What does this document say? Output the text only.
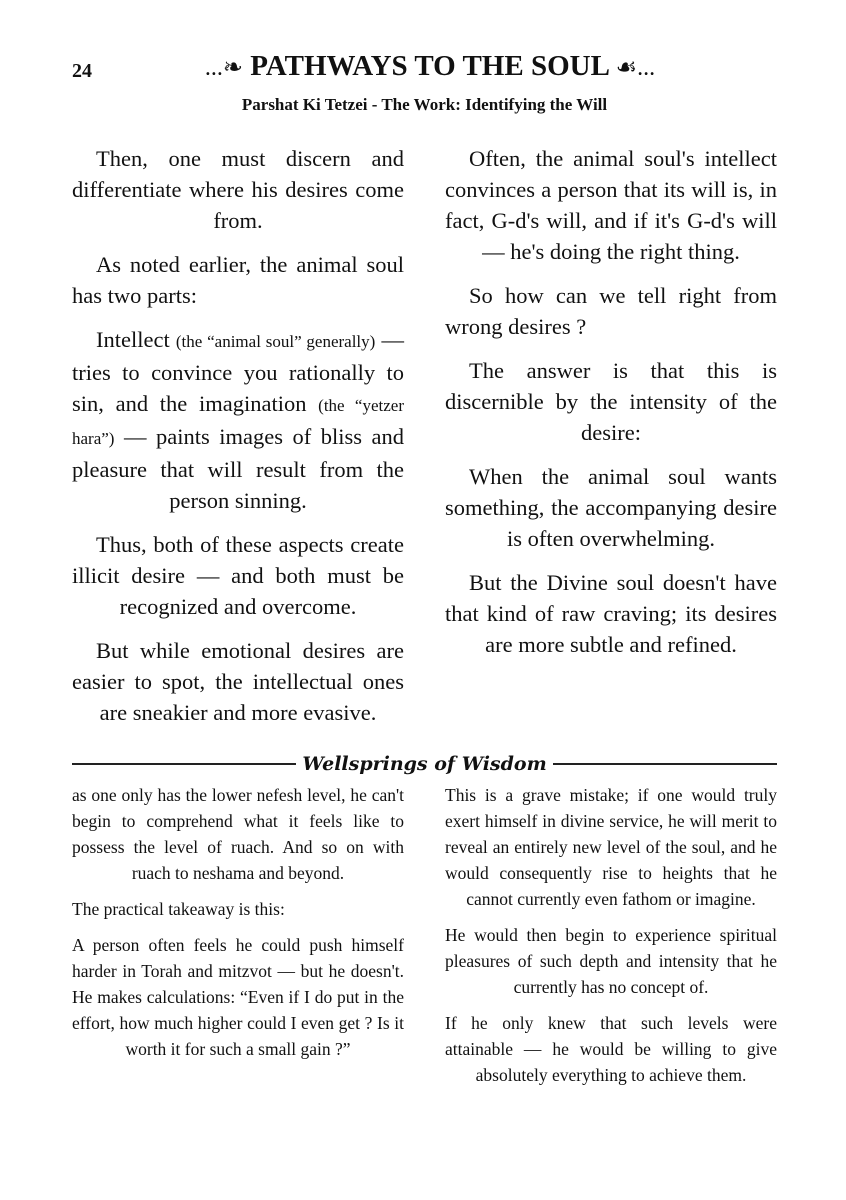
24	...❧ PATHWAYS TO THE SOUL ☙...
Parshat Ki Tetzei - The Work: Identifying the Will

Then, one must discern and differentiate where his desires come from.

As noted earlier, the animal soul has two parts:

Intellect (the “animal soul” generally) — tries to convince you rationally to sin, and the imagination (the “yetzer hara”) — paints images of bliss and pleasure that will result from the person sinning.

Thus, both of these aspects create illicit desire — and both must be recognized and overcome.

But while emotional desires are easier to spot, the intellectual ones are sneakier and more evasive.

Often, the animal soul's intellect convinces a person that its will is, in fact, G-d's will, and if it's G-d's will — he's doing the right thing.

So how can we tell right from wrong desires ?

The answer is that this is discernible by the intensity of the desire:

When the animal soul wants something, the accompanying desire is often overwhelming.

But the Divine soul doesn't have that kind of raw craving; its desires are more subtle and refined.

Wellsprings of Wisdom

as one only has the lower nefesh level, he can't begin to comprehend what it feels like to possess the level of ruach. And so on with ruach to neshama and beyond.

The practical takeaway is this:

A person often feels he could push himself harder in Torah and mitzvot — but he doesn't. He makes calculations: “Even if I do put in the effort, how much higher could I even get ? Is it worth it for such a small gain ?”

This is a grave mistake; if one would truly exert himself in divine service, he will merit to reveal an entirely new level of the soul, and he would consequently rise to heights that he cannot currently even fathom or imagine.

He would then begin to experience spiritual pleasures of such depth and intensity that he currently has no concept of.

If he only knew that such levels were attainable — he would be willing to give absolutely everything to achieve them.
